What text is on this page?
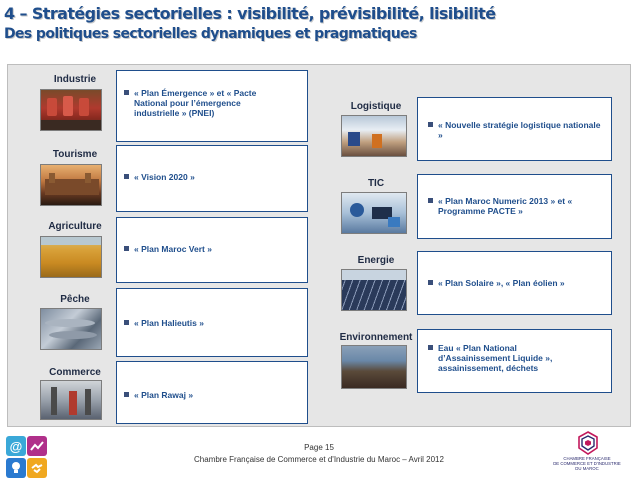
4 – Stratégies sectorielles : visibilité, prévisibilité, lisibilité
Des politiques sectorielles dynamiques et pragmatiques
Industrie
« Plan Émergence » et « Pacte National pour l’émergence industrielle » (PNEI)
Tourisme
« Vision 2020 »
Agriculture
« Plan Maroc Vert »
Pêche
« Plan Halieutis »
Commerce
« Plan Rawaj »
Logistique
« Nouvelle stratégie logistique nationale »
TIC
« Plan Maroc Numeric 2013 » et « Programme PACTE »
Energie
« Plan Solaire », « Plan éolien »
Environnement
Eau « Plan National d’Assainissement Liquide », assainissement, déchets
Page 15
Chambre Française de Commerce et d'Industrie du Maroc – Avril 2012
@
CHAMBRE FRANÇAISE
DE COMMERCE ET D'INDUSTRIE
DU MAROC
